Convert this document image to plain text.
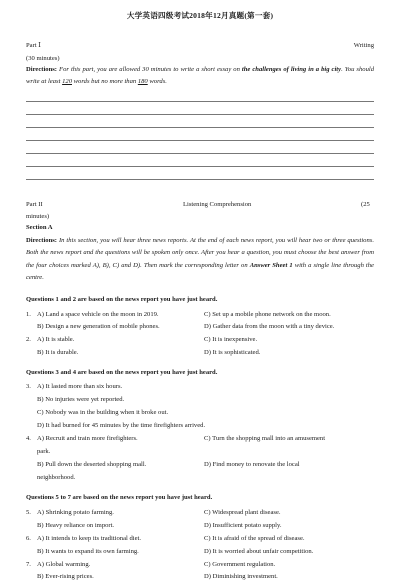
大学英语四级考试2018年12月真题(第一套)
Part Ⅰ	Writing
(30 minutes)
Directions: For this part, you are allowed 30 minutes to write a short essay on the challenges of living in a big city. You should write at least 120 words but no more than 180 words.
Part II	Listening Comprehension	(25
minutes)
Section A
Directions: In this section, you will hear three news reports. At the end of each news report, you will hear two or three questions. Both the news report and the questions will be spoken only once. After you hear a question, you must choose the best answer from the four choices marked A), B), C) and D). Then mark the corresponding letter on Answer Sheet 1 with a single line through the centre.
Questions 1 and 2 are based on the news report you have just heard.
1. A) Land a space vehicle on the moon in 2019.	C) Set up a mobile phone network on the moon.
B) Design a new generation of mobile phones.	D) Gather data from the moon with a tiny device.
2. A) It is stable.	C) It is inexpensive.
B) It is durable.	D) It is sophisticated.
Questions 3 and 4 are based on the news report you have just heard.
3. A) It lasted more than six hours.
B) No injuries were yet reported.
C) Nobody was in the building when it broke out.
D) It had burned for 45 minutes by the time firefighters arrived.
4. A) Recruit and train more firefighters.	C) Turn the shopping mall into an amusement
park.
B) Pull down the deserted shopping mall.	D) Find money to renovate the local
neighborhood.
Questions 5 to 7 are based on the news report you have just heard.
5. A) Shrinking potato farming.	C) Widespread plant disease.
B) Heavy reliance on import.	D) Insufficient potato supply.
6. A) It intends to keep its traditional diet.	C) It is afraid of the spread of disease.
B) It wants to expand its own farming.	D) It is worried about unfair competition.
7. A) Global warming.	C) Government regulation.
B) Ever-rising prices.	D) Diminishing investment.
